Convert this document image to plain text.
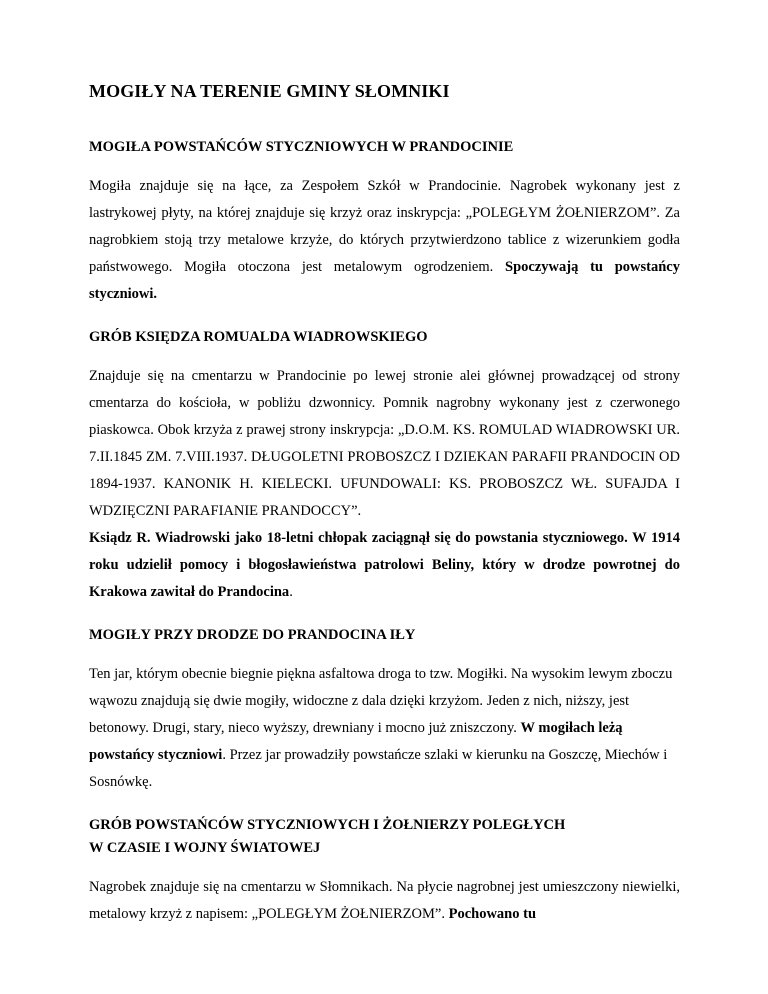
MOGIŁY NA TERENIE GMINY SŁOMNIKI
MOGIŁA POWSTAŃCÓW STYCZNIOWYCH W PRANDOCINIE

Mogiła znajduje się na łące, za Zespołem Szkół w Prandocinie. Nagrobek wykonany jest z lastrykowej płyty, na której znajduje się krzyż oraz inskrypcja: „POLEGŁYM ŻOŁNIERZOM”. Za nagrobkiem stoją trzy metalowe krzyże, do których przytwierdzono tablice z wizerunkiem godła państwowego. Mogiła otoczona jest metalowym ogrodzeniem. Spoczywają tu powstańcy styczniowi.

GRÓB KSIĘDZA ROMUALDA WIADROWSKIEGO

Znajduje się na cmentarzu w Prandocinie po lewej stronie alei głównej prowadzącej od strony cmentarza do kościoła, w pobliżu dzwonnicy. Pomnik nagrobny wykonany jest z czerwonego piaskowca. Obok krzyża z prawej strony inskrypcja: „D.O.M. KS. ROMULAD WIADROWSKI UR. 7.II.1845 ZM. 7.VIII.1937. DŁUGOLETNI PROBOSZCZ I DZIEKAN PARAFII PRANDOCIN OD 1894-1937. KANONIK H. KIELECKI. UFUNDOWALI: KS. PROBOSZCZ WŁ. SUFAJDA I WDZIĘCZNI PARAFIANIE PRANDOCCY”.

Ksiądz R. Wiadrowski jako 18-letni chłopak zaciągnął się do powstania styczniowego. W 1914 roku udzielił pomocy i błogosławieństwa patrolowi Beliny, który w drodze powrotnej do Krakowa zawitał do Prandocina.

MOGIŁY PRZY DRODZE DO PRANDOCINA IŁY

Ten jar, którym obecnie biegnie piękna asfaltowa droga to tzw. Mogiłki. Na wysokim lewym zboczu wąwozu znajdują się dwie mogiły, widoczne z dala dzięki krzyżom. Jeden z nich, niższy, jest betonowy. Drugi, stary, nieco wyższy, drewniany i mocno już zniszczony. W mogiłach leżą powstańcy styczniowi. Przez jar prowadziły powstańcze szlaki w kierunku na Goszczę, Miechów i Sosnówkę.

GRÓB POWSTAŃCÓW STYCZNIOWYCH I ŻOŁNIERZY POLEGŁYCH
W CZASIE I WOJNY ŚWIATOWEJ

Nagrobek znajduje się na cmentarzu w Słomnikach. Na płycie nagrobnej jest umieszczony niewielki, metalowy krzyż z napisem: „POLEGŁYM ŻOŁNIERZOM”. Pochowano tu
